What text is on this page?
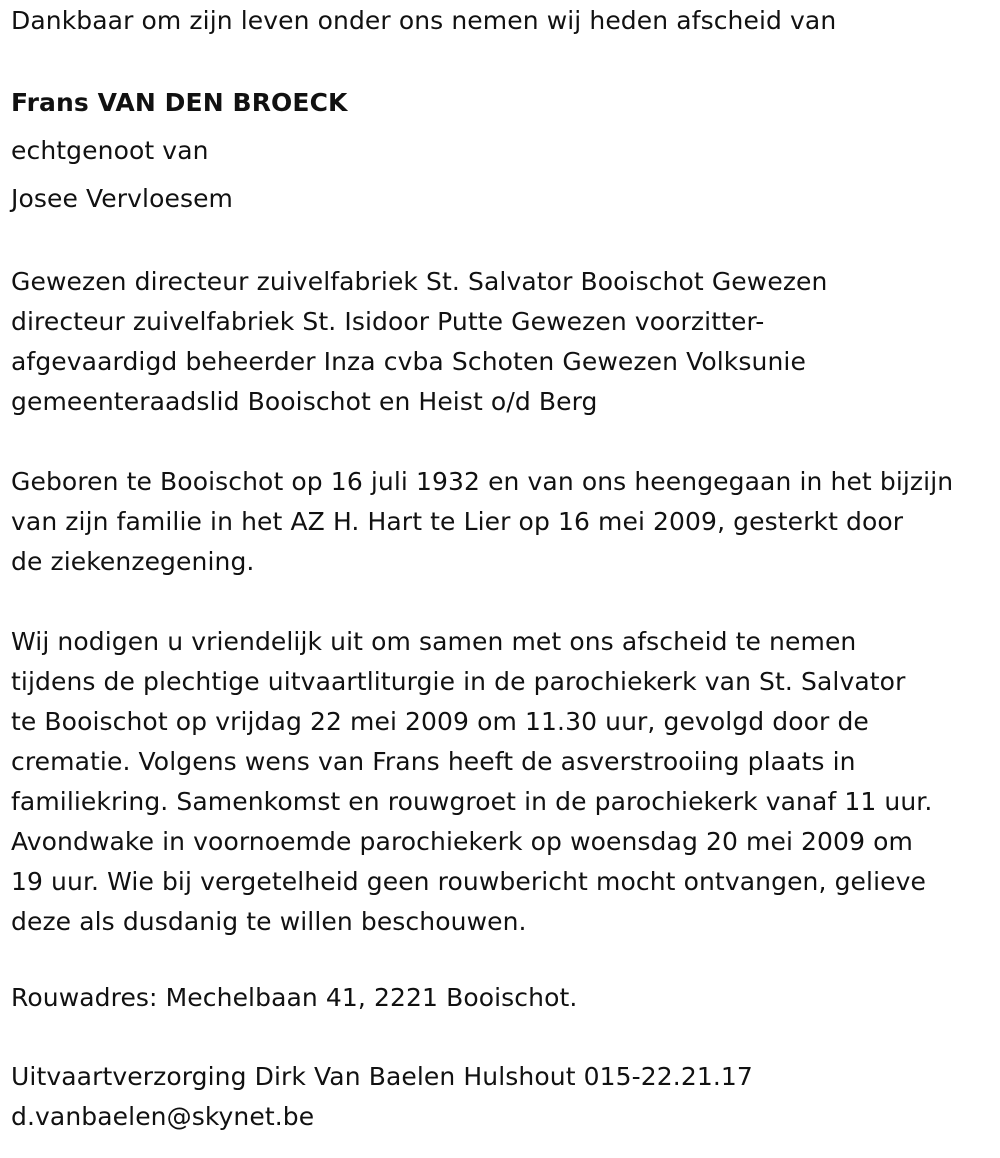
Dankbaar om zijn leven onder ons nemen wij heden afscheid van
Frans VAN DEN BROECK
echtgenoot van
Josee Vervloesem
Gewezen directeur zuivelfabriek St. Salvator Booischot Gewezen
directeur zuivelfabriek St. Isidoor Putte Gewezen voorzitter-
afgevaardigd beheerder Inza cvba Schoten Gewezen Volksunie
gemeenteraadslid Booischot en Heist o/d Berg
Geboren te Booischot op 16 juli 1932 en van ons heengegaan in het bijzijn
van zijn familie in het AZ H. Hart te Lier op 16 mei 2009, gesterkt door
de ziekenzegening.
Wij nodigen u vriendelijk uit om samen met ons afscheid te nemen
tijdens de plechtige uitvaartliturgie in de parochiekerk van St. Salvator
te Booischot op vrijdag 22 mei 2009 om 11.30 uur, gevolgd door de
crematie. Volgens wens van Frans heeft de asverstrooiing plaats in
familiekring. Samenkomst en rouwgroet in de parochiekerk vanaf 11 uur.
Avondwake in voornoemde parochiekerk op woensdag 20 mei 2009 om
19 uur. Wie bij vergetelheid geen rouwbericht mocht ontvangen, gelieve
deze als dusdanig te willen beschouwen.
Rouwadres: Mechelbaan 41, 2221 Booischot.
Uitvaartverzorging Dirk Van Baelen Hulshout 015-22.21.17
d.vanbaelen@skynet.be
